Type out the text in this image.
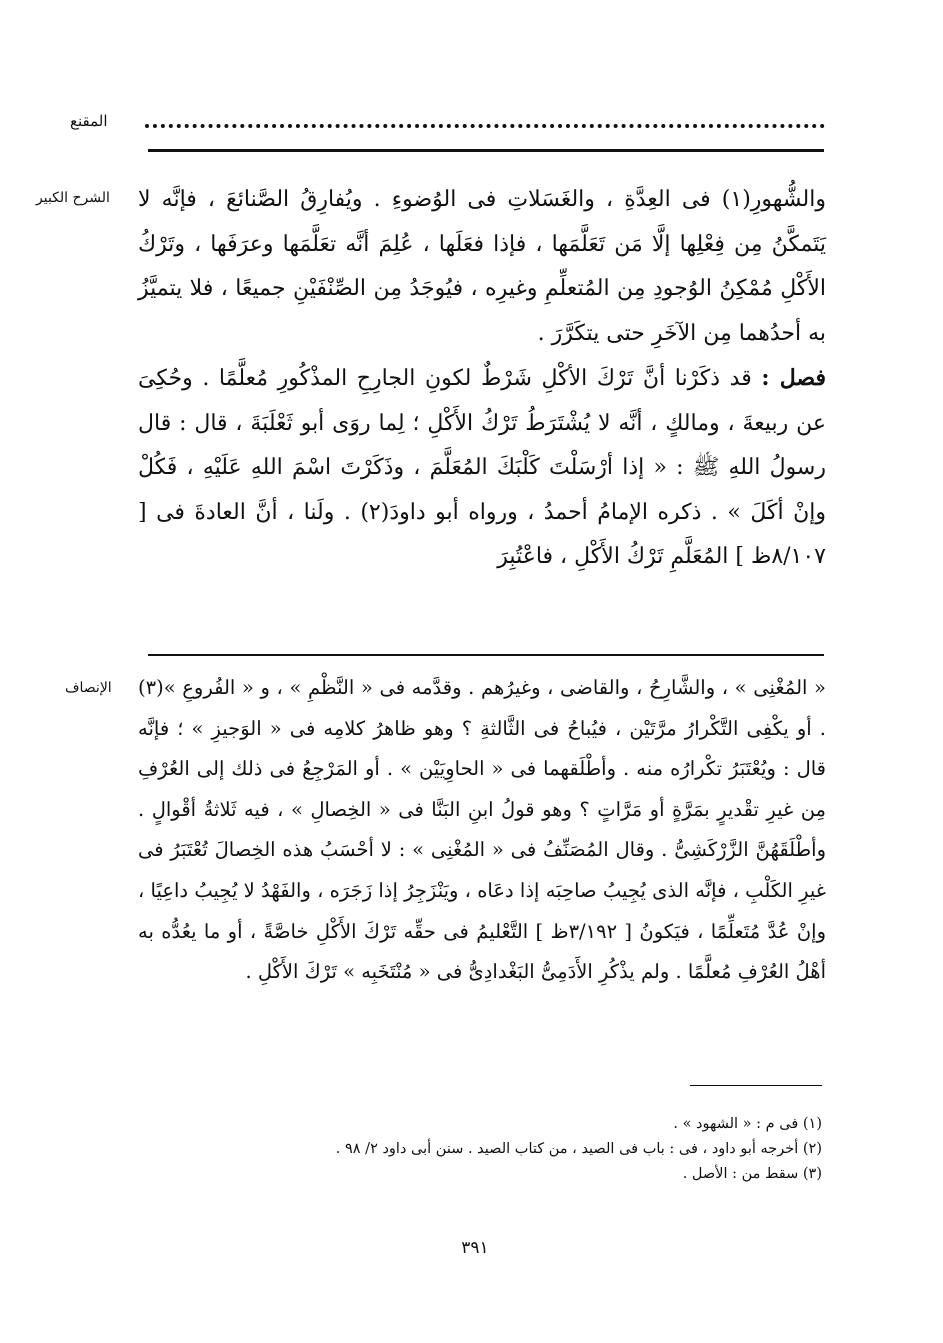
المقنع
الشرح الكبير والشُّهورِ(١) فى العِدَّةِ ، والغَسَلاتِ فى الوُضوءِ . ويُفارِقُ الصَّنائعَ ، فإنَّه لا يَتَمكَّنُ مِن فِعْلِها إلَّا مَن تَعَلَّمَها ، فإذا فعَلَها ، عُلِمَ أنَّه تعَلَّمَها وعرَفَها ، وتَرْكُ الأَكْلِ مُمْكِنُ الوُجودِ مِن المُتعلِّمِ وغيرِه ، فيُوجَدُ مِن الصِّنْفَيْنِ جميعًا ، فلا يتميَّزُ به أحدُهما مِن الآخَرِ حتى يتكَرَّرَ .

فصل : قد ذكَرْنا أنَّ تَرْكَ الأكْلِ شَرْطٌ لكونِ الجارِحِ المذْكُورِ مُعلَّمًا . وحُكِىَ عن ربيعةَ ، ومالكٍ ، أنَّه لا يُشْتَرَطُ تَرْكُ الأَكْلِ ؛ لِما روَى أبو ثَعْلَبَةَ ، قال : قال رسولُ اللهِ ﷺ : « إذا أرْسَلْتَ كَلْبَكَ المُعَلَّمَ ، وذَكَرْتَ اسْمَ اللهِ عَلَيْهِ ، فَكُلْ وإنْ أكَلَ » . ذكره الإمامُ أحمدُ ، ورواه أبو داودَ(٢) . ولَنا ، أنَّ العادةَ فى [ ٨/١٠٧ظ ] المُعَلَّمِ تَرْكُ الأَكْلِ ، فاعْتُبِرَ

الإنصاف « المُغْنِى » ، والشَّارِحُ ، والقاضى ، وغيرُهم . وقدَّمه فى « النَّظْمِ » ، و « الفُروعِ »(٣) . أو يكْفِى التَّكْرارُ مرَّتَيْن ، فيُباحُ فى الثَّالثةِ ؟ وهو ظاهرُ كلامِه فى « الوَجيزِ » ؛ فإنَّه قال : ويُعْتَبَرُ تكْرارُه منه . وأطْلَقهما فى « الحاوِيَيْن » . أو المَرْجِعُ فى ذلك إلى العُرْفِ مِن غيرِ تقْديرٍ بمَرَّةٍ أو مَرَّاتٍ ؟ وهو قولُ ابنِ البَنَّا فى « الخِصالِ » ، فيه ثَلاثةُ أقْوالٍ . وأطْلَقَهُنَّ الزَّرْكَشِىُّ . وقال المُصَنِّفُ فى « المُغْنِى » : لا أحْسَبُ هذه الخِصالَ تُعْتَبَرُ فى غيرِ الكَلْبِ ، فإنَّه الذى يُجِيبُ صاحِبَه إذا دعَاه ، ويَنْزَجِرُ إذا زَجَرَه ، والفَهْدُ لا يُجِيبُ داعِيًا ، وإنْ عُدَّ مُتَعلِّمًا ، فيَكونُ [ ٣/١٩٢ظ ] التَّعْليمُ فى حقِّه تَرْكَ الأَكْلِ خاصَّةً ، أو ما يعُدُّه به أهْلُ العُرْفِ مُعلَّمًا . ولم يذْكُرِ الأَدَمِىُّ البَغْدادِىُّ فى « مُنْتَخَبِه » تَرْكَ الأَكْلِ .

(١) فى م : « الشهود » .

(٢) أخرجه أبو داود ، فى : باب فى الصيد ، من كتاب الصيد . سنن أبى داود ٢/ ٩٨ .

(٣) سقط من : الأصل .

٣٩١
